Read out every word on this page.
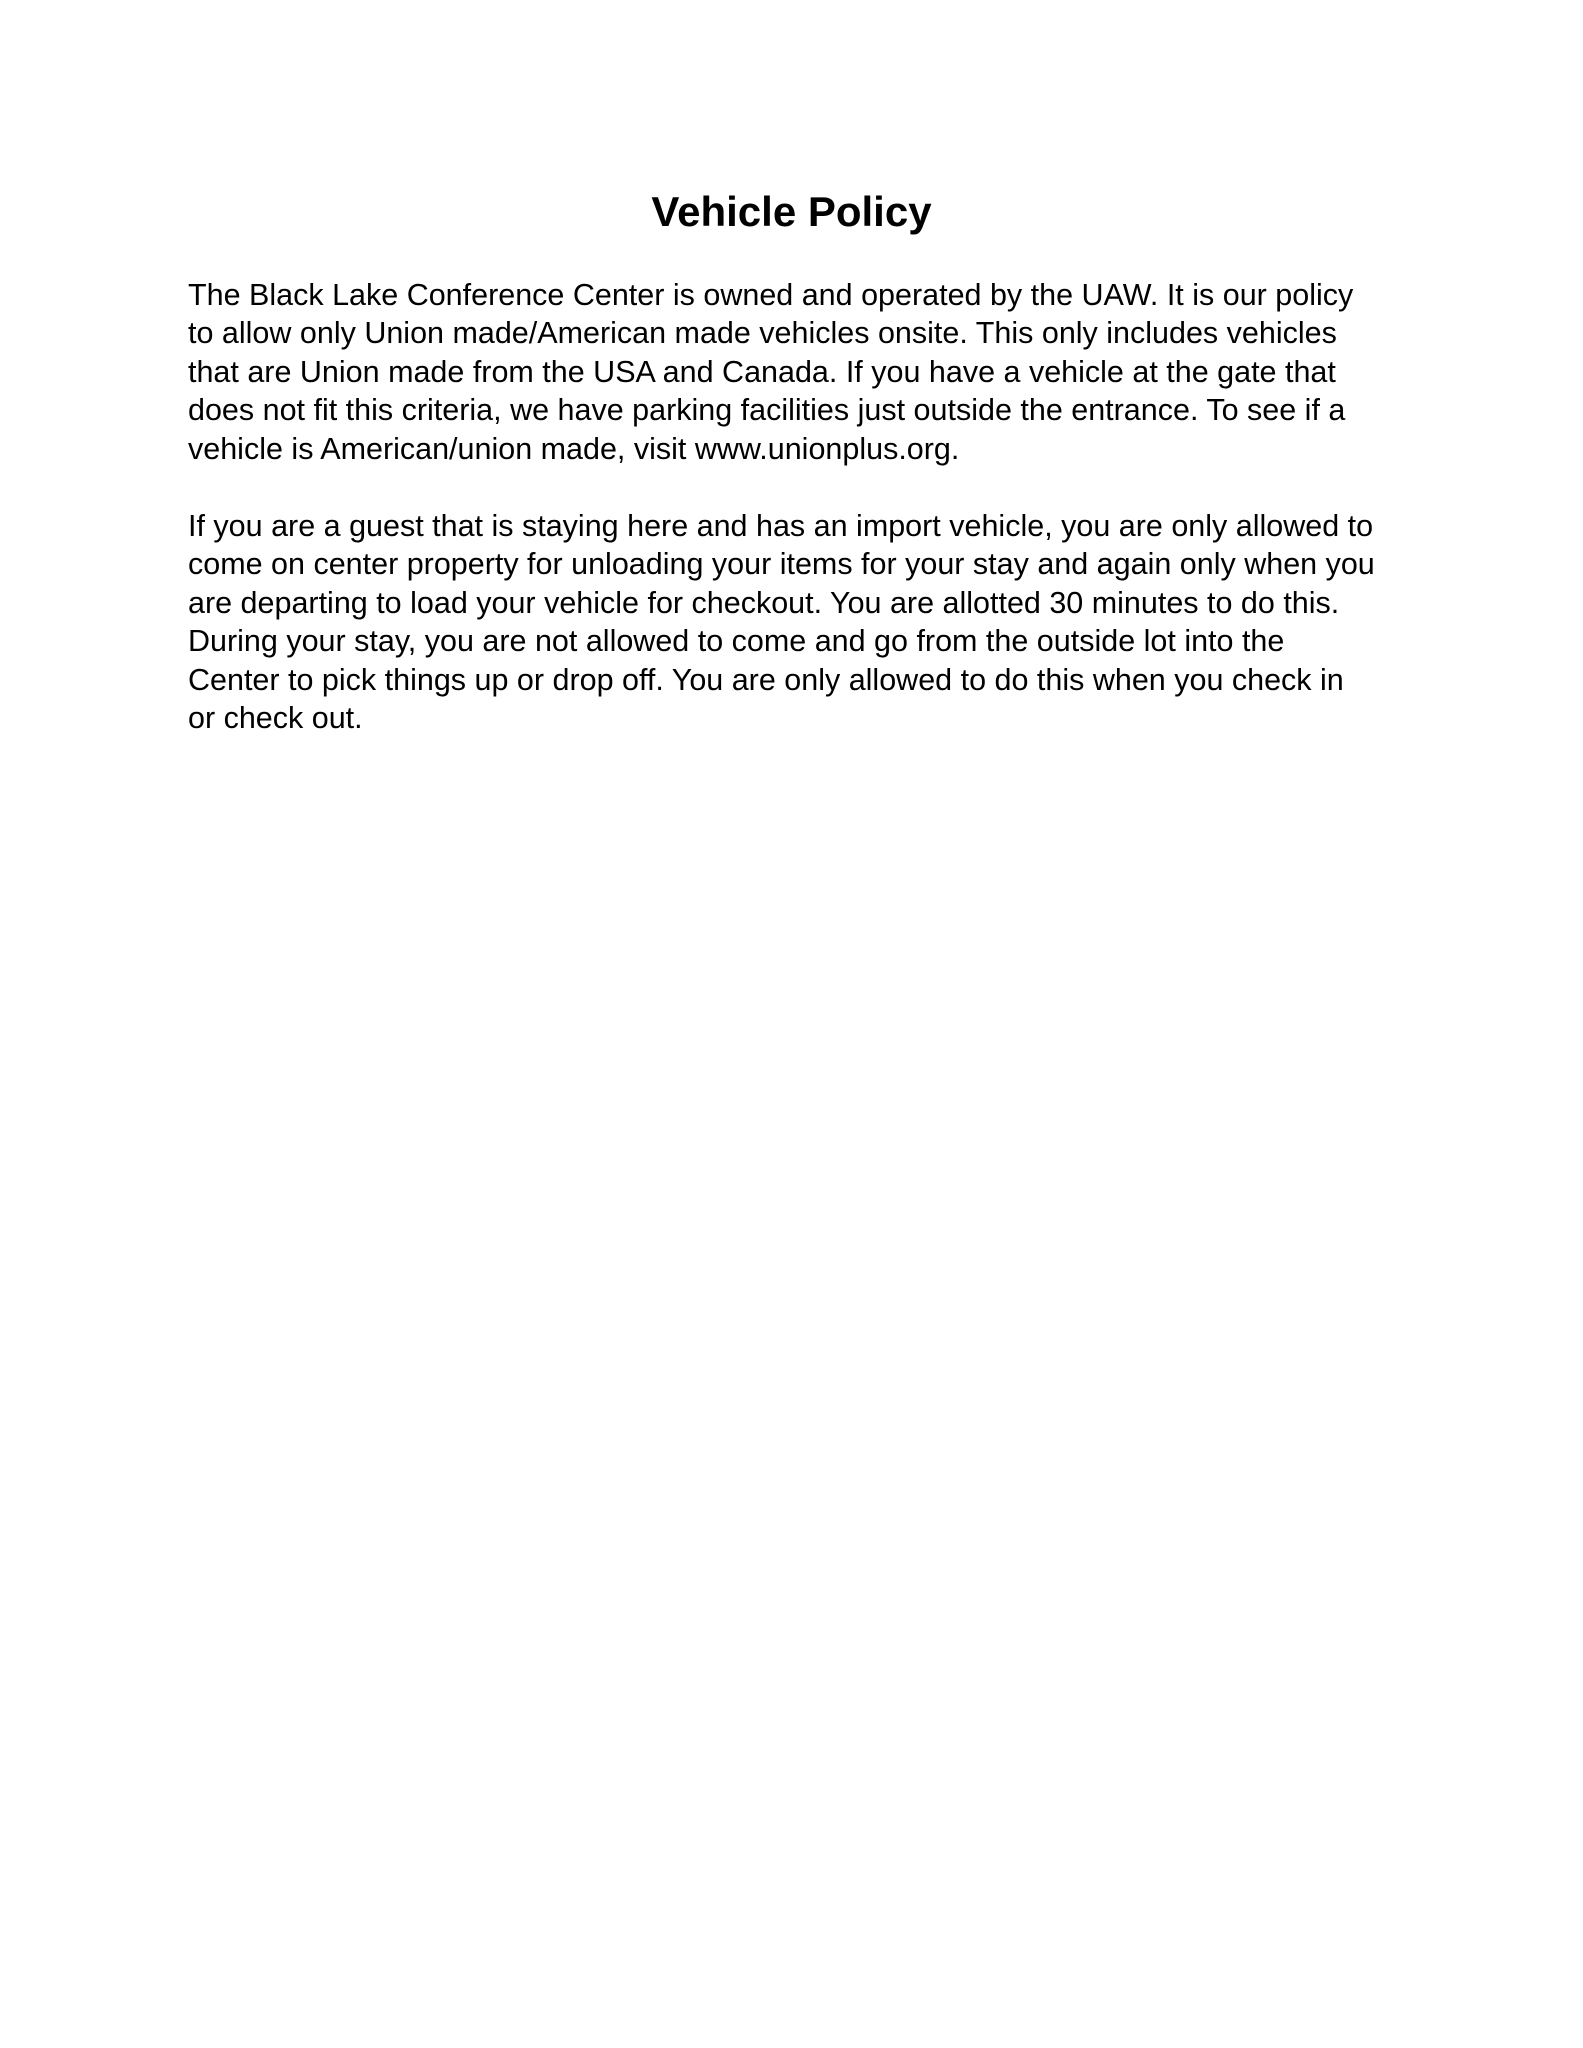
Vehicle Policy

The Black Lake Conference Center is owned and operated by the UAW. It is our policy
to allow only Union made/American made vehicles onsite. This only includes vehicles
that are Union made from the USA and Canada. If you have a vehicle at the gate that
does not fit this criteria, we have parking facilities just outside the entrance. To see if a
vehicle is American/union made, visit www.unionplus.org.

If you are a guest that is staying here and has an import vehicle, you are only allowed to
come on center property for unloading your items for your stay and again only when you
are departing to load your vehicle for checkout. You are allotted 30 minutes to do this.
During your stay, you are not allowed to come and go from the outside lot into the
Center to pick things up or drop off. You are only allowed to do this when you check in
or check out.
